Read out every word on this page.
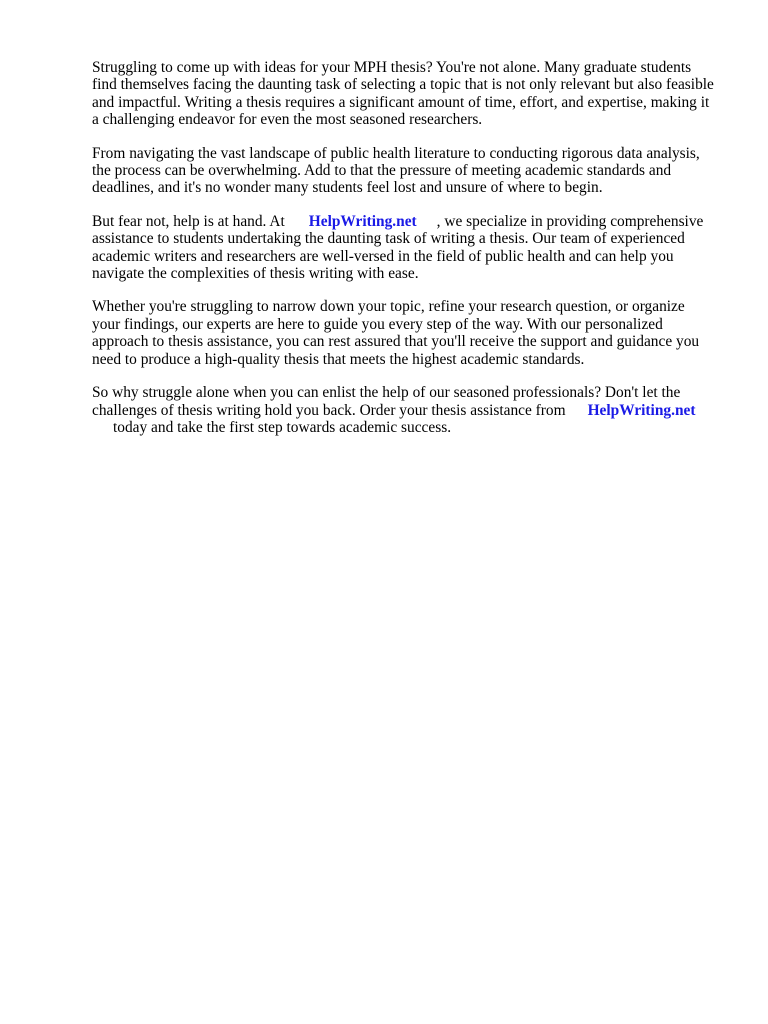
Struggling to come up with ideas for your MPH thesis? You're not alone. Many graduate students
find themselves facing the daunting task of selecting a topic that is not only relevant but also feasible
and impactful. Writing a thesis requires a significant amount of time, effort, and expertise, making it
a challenging endeavor for even the most seasoned researchers.

From navigating the vast landscape of public health literature to conducting rigorous data analysis,
the process can be overwhelming. Add to that the pressure of meeting academic standards and
deadlines, and it's no wonder many students feel lost and unsure of where to begin.

But fear not, help is at hand. At HelpWriting.net , we specialize in providing comprehensive
assistance to students undertaking the daunting task of writing a thesis. Our team of experienced
academic writers and researchers are well-versed in the field of public health and can help you
navigate the complexities of thesis writing with ease.

Whether you're struggling to narrow down your topic, refine your research question, or organize
your findings, our experts are here to guide you every step of the way. With our personalized
approach to thesis assistance, you can rest assured that you'll receive the support and guidance you
need to produce a high-quality thesis that meets the highest academic standards.

So why struggle alone when you can enlist the help of our seasoned professionals? Don't let the
challenges of thesis writing hold you back. Order your thesis assistance from HelpWriting.net
today and take the first step towards academic success.
